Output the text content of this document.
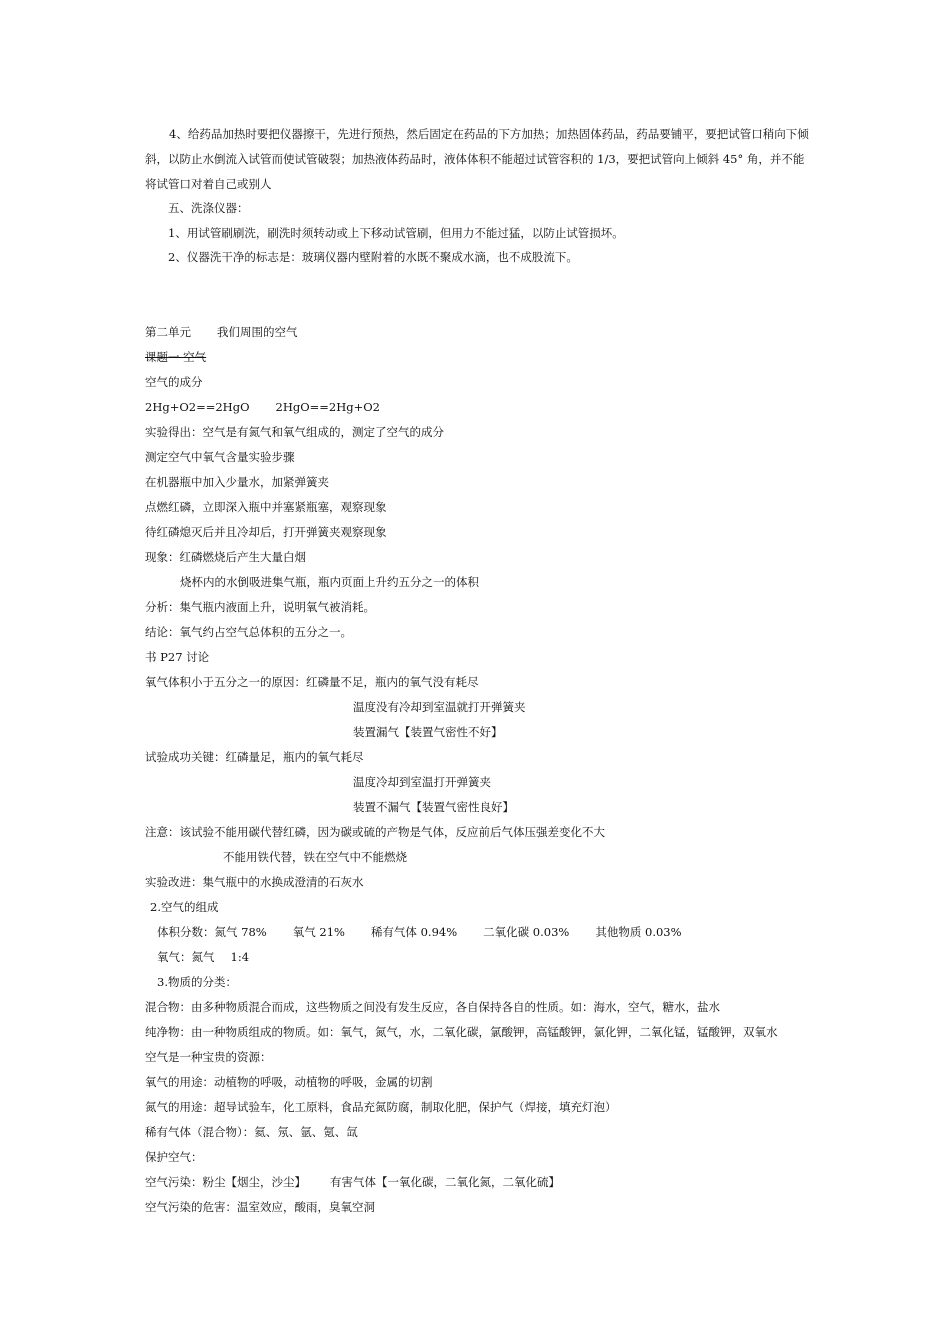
4、给药品加热时要把仪器擦干，先进行预热，然后固定在药品的下方加热；加热固体药品，药品要铺平，要把试管口稍向下倾斜，以防止水倒流入试管而使试管破裂；加热液体药品时，液体体积不能超过试管容积的 1/3，要把试管向上倾斜 45° 角，并不能将试管口对着自己或别人

五、洗涤仪器：

1、用试管刷刷洗，刷洗时须转动或上下移动试管刷，但用力不能过猛，以防止试管损坏。

2、仪器洗干净的标志是：玻璃仪器内壁附着的水既不聚成水滴，也不成股流下。

第二单元 我们周围的空气

课题一 空气

空气的成分

2Hg+O2==2HgO 2HgO==2Hg+O2

实验得出：空气是有氮气和氧气组成的，测定了空气的成分

测定空气中氧气含量实验步骤

在机器瓶中加入少量水，加紧弹簧夹

点燃红磷，立即深入瓶中并塞紧瓶塞，观察现象

待红磷熄灭后并且冷却后，打开弹簧夹观察现象

现象：红磷燃烧后产生大量白烟

烧杯内的水倒吸进集气瓶，瓶内页面上升约五分之一的体积

分析：集气瓶内液面上升，说明氧气被消耗。

结论：氧气约占空气总体积的五分之一。

书 P27 讨论

氧气体积小于五分之一的原因：红磷量不足，瓶内的氧气没有耗尽

温度没有冷却到室温就打开弹簧夹

装置漏气【装置气密性不好】

试验成功关键：红磷量足，瓶内的氧气耗尽

温度冷却到室温打开弹簧夹

装置不漏气【装置气密性良好】

注意：该试验不能用碳代替红磷，因为碳或硫的产物是气体，反应前后气体压强差变化不大

不能用铁代替，铁在空气中不能燃烧

实验改进：集气瓶中的水换成澄清的石灰水

2.空气的组成

体积分数：氮气 78% 氧气 21% 稀有气体 0.94% 二氧化碳 0.03% 其他物质 0.03%

氧气：氮气 1:4

3.物质的分类：

混合物：由多种物质混合而成，这些物质之间没有发生反应，各自保持各自的性质。如：海水，空气，糖水，盐水

纯净物：由一种物质组成的物质。如：氧气，氮气，水，二氧化碳，氯酸钾，高锰酸钾，氯化钾，二氧化锰，锰酸钾，双氧水

空气是一种宝贵的资源：

氧气的用途：动植物的呼吸，动植物的呼吸，金属的切割

氮气的用途：超导试验车，化工原料，食品充氮防腐，制取化肥，保护气（焊接，填充灯泡）

稀有气体（混合物）：氦、氖、氩、氪、氙

保护空气：

空气污染：粉尘【烟尘，沙尘】 有害气体【一氧化碳，二氧化氮，二氧化硫】

空气污染的危害：温室效应，酸雨，臭氧空洞
